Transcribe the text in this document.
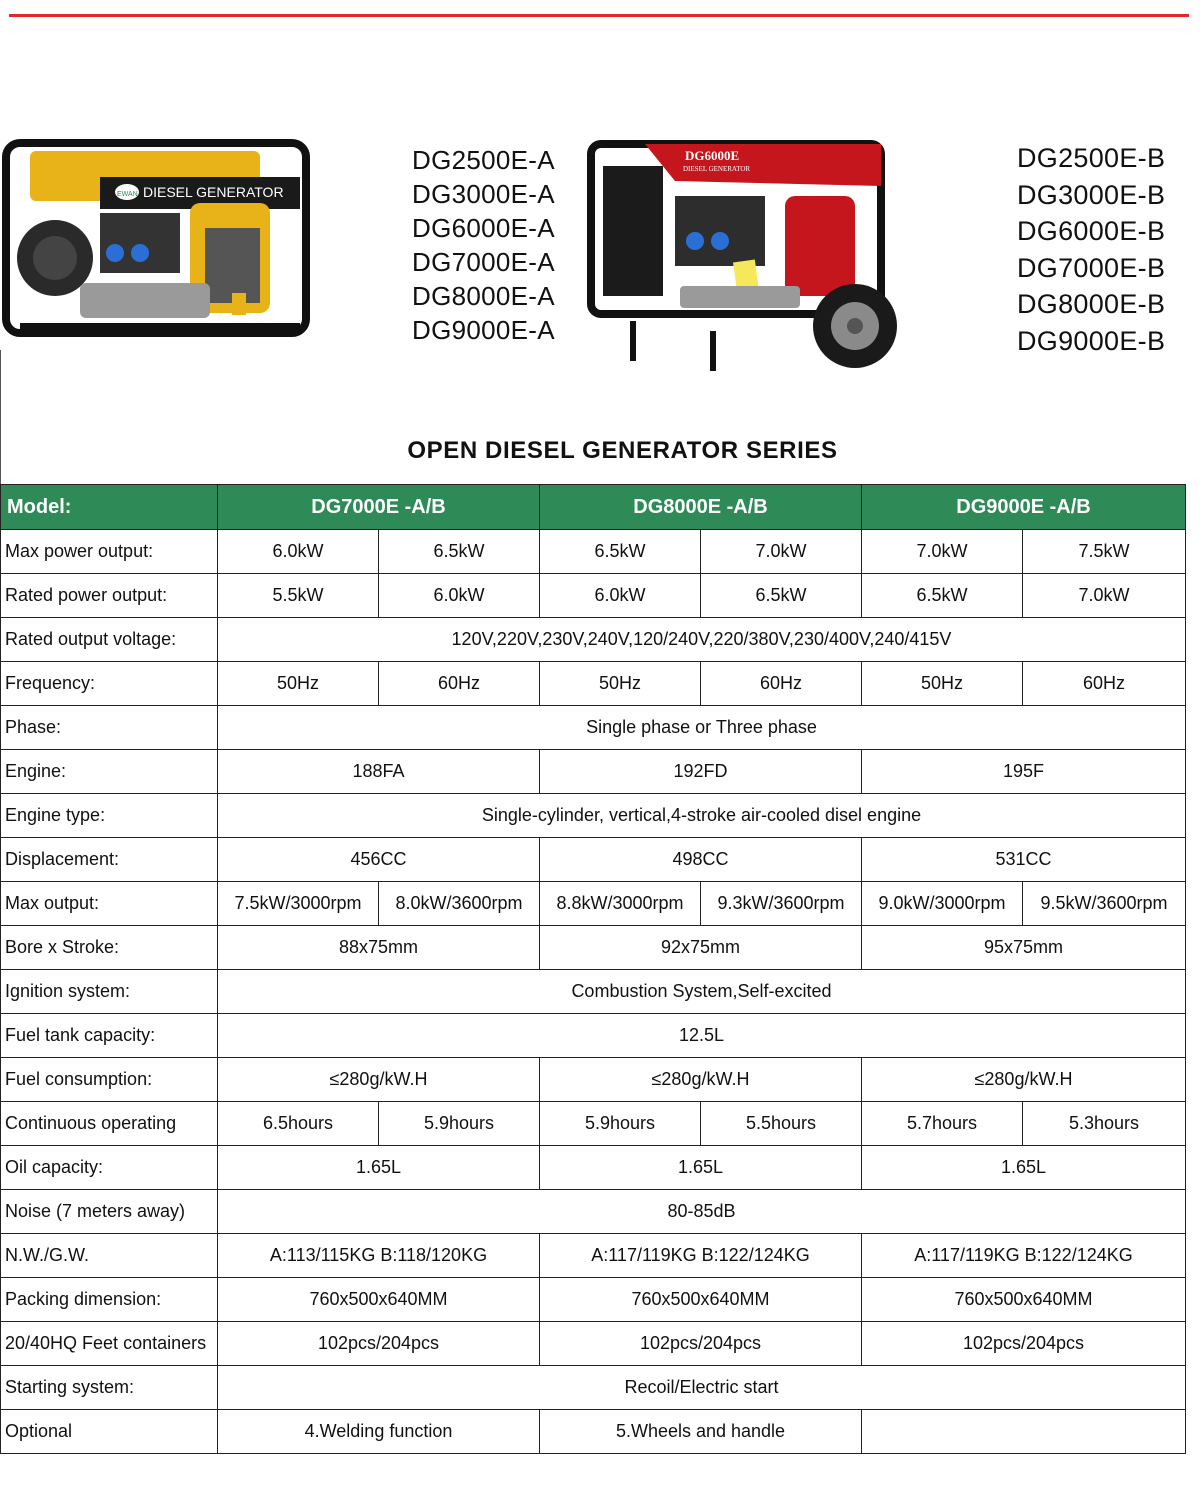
DIESEL GENERATOR
EWAN
DG2500E-A
DG3000E-A
DG6000E-A
DG7000E-A
DG8000E-A
DG9000E-A
DG6000E
DIESEL GENERATOR	DG2500E-B
DG3000E-B
DG6000E-B
DG7000E-B
DG8000E-B
DG9000E-B
OPEN DIESEL GENERATOR SERIES
Model:	DG7000E -A/B		DG8000E -A/B		DG9000E -A/B	
Max power output:	6.0kW	6.5kW	6.5kW	7.0kW	7.0kW	7.5kW
Rated power output:	5.5kW	6.0kW	6.0kW	6.5kW	6.5kW	7.0kW
Rated output voltage:	120V,220V,230V,240V,120/240V,220/380V,230/400V,240/415V					
Frequency:	50Hz	60Hz	50Hz	60Hz	50Hz	60Hz
Phase:	Single phase or Three phase					
Engine:	188FA		192FD		195F	
Engine type:	Single-cylinder, vertical,4-stroke air-cooled disel engine					
Displacement:	456CC		498CC		531CC	
Max output:	7.5kW/3000rpm	8.0kW/3600rpm	8.8kW/3000rpm	9.3kW/3600rpm	9.0kW/3000rpm	9.5kW/3600rpm
Bore x Stroke:	88x75mm		92x75mm		95x75mm	
Ignition system:	Combustion System,Self-excited					
Fuel tank capacity:	12.5L					
Fuel consumption:	≤280g/kW.H		≤280g/kW.H		≤280g/kW.H	
Continuous operating	6.5hours	5.9hours	5.9hours	5.5hours	5.7hours	5.3hours
Oil capacity:	1.65L		1.65L		1.65L	
Noise (7 meters away)	80-85dB					
N.W./G.W.	A:113/115KG B:118/120KG		A:117/119KG B:122/124KG		A:117/119KG B:122/124KG	
Packing dimension:	760x500x640MM		760x500x640MM		760x500x640MM	
20/40HQ Feet containers	102pcs/204pcs		102pcs/204pcs		102pcs/204pcs	
Starting system:	Recoil/Electric start					
Optional	4.Welding function		5.Wheels and handle			
